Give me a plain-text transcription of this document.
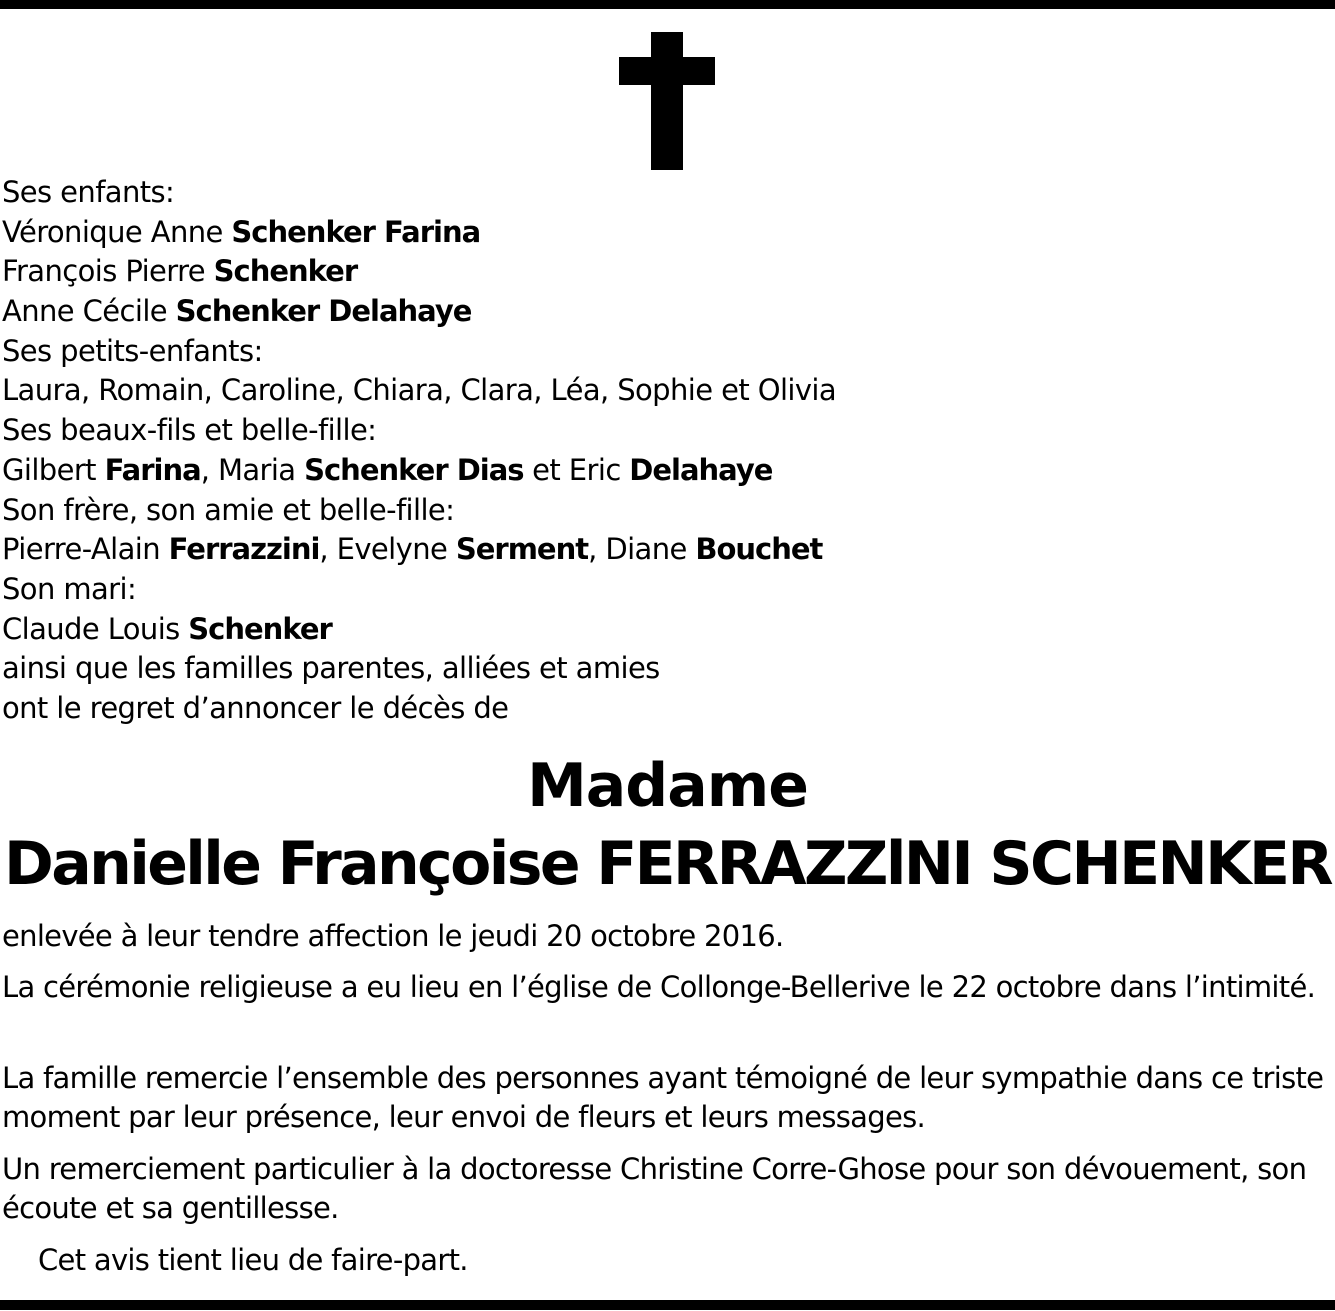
Ses enfants:
Véronique Anne Schenker Farina
François Pierre Schenker
Anne Cécile Schenker Delahaye
Ses petits-enfants:
Laura, Romain, Caroline, Chiara, Clara, Léa, Sophie et Olivia
Ses beaux-fils et belle-fille:
Gilbert Farina, Maria Schenker Dias et Eric Delahaye
Son frère, son amie et belle-fille:
Pierre-Alain Ferrazzini, Evelyne Serment, Diane Bouchet
Son mari:
Claude Louis Schenker
ainsi que les familles parentes, alliées et amies
ont le regret d’annoncer le décès de
Madame
Danielle Françoise FERRAZZlNI SCHENKER
enlevée à leur tendre affection le jeudi 20 octobre 2016.
La cérémonie religieuse a eu lieu en l’église de Collonge-Bellerive le 22 octobre dans l’intimité.
La famille remercie l’ensemble des personnes ayant témoigné de leur sympathie dans ce triste moment par leur présence, leur envoi de fleurs et leurs messages.
Un remerciement particulier à la doctoresse Christine Corre-Ghose pour son dévouement, son écoute et sa gentillesse.
Cet avis tient lieu de faire-part.
